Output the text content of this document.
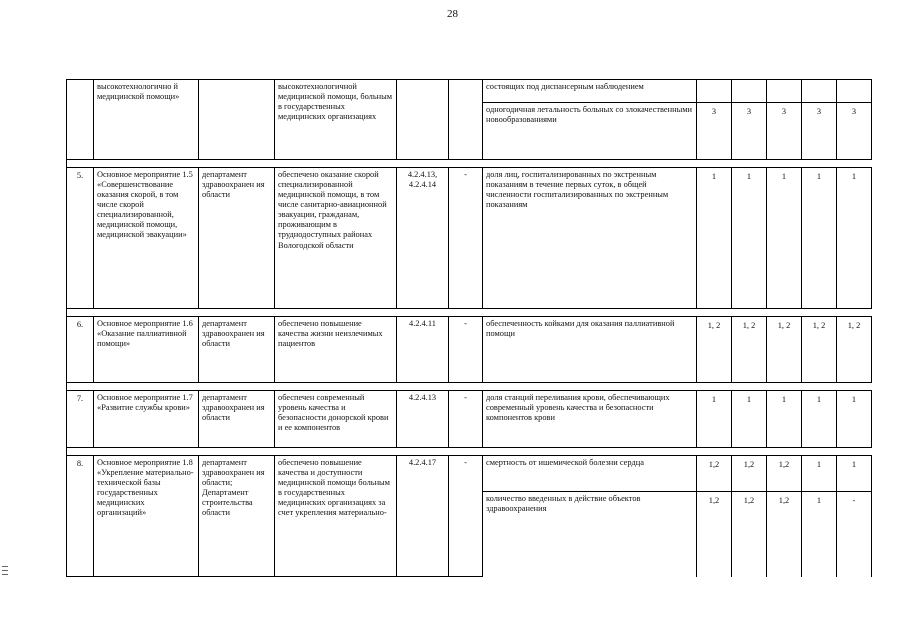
28
	высокотехнологично й медицинской помощи»		высокотехнологичной медицинской помощи, больным в государственных медицинских организациях			состоящих под диспансерным наблюдением					
						одногодичная летальность больных со злокачественными новообразованиями	3	3	3	3	3

5.	Основное мероприятие 1.5 «Совершенствование оказания скорой, в том числе скорой специализированной, медицинской помощи, медицинской эвакуации»	департамент здравоохранен ия области	обеспечено оказание скорой специализированной медицинской помощи, в том числе санитарно-авиационной эвакуации, гражданам, проживающим в труднодоступных районах Вологодской области	4.2.4.13, 4.2.4.14	-	доля лиц, госпитализированных по экстренным показаниям в течение первых суток, в общей численности госпитализированных по экстренным показаниям	1	1	1	1	1

6.	Основное мероприятие 1.6 «Оказание паллиативной помощи»	департамент здравоохранен ия области	обеспечено повышение качества жизни неизлечимых пациентов	4.2.4.11	-	обеспеченность койками для оказания паллиативной помощи	1, 2	1, 2	1, 2	1, 2	1, 2

7.	Основное мероприятие 1.7 «Развитие службы крови»	департамент здравоохранен ия области	обеспечен современный уровень качества и безопасности донорской крови и ее компонентов	4.2.4.13	-	доля станций переливания крови, обеспечивающих современный уровень качества и безопасности компонентов крови	1	1	1	1	1

8.	Основное мероприятие 1.8 «Укрепление материально-технической базы государственных медицинских организаций»	департамент здравоохранен ия области; Департамент строительства области	обеспечено повышение качества и доступности медицинской помощи больным в государственных медицинских организациях за счет укрепления материально-	4.2.4.17	-	смертность от ишемической болезни сердца	1,2	1,2	1,2	1	1
						количество введенных в действие объектов здравоохранения	1,2	1,2	1,2	1	-
